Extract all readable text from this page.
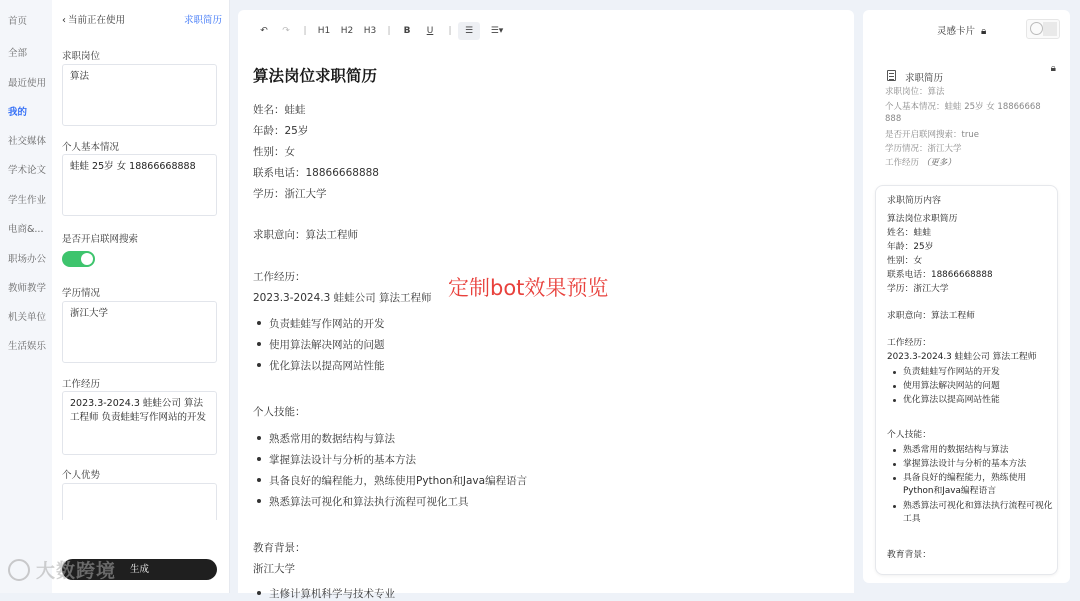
首页
全部
最近使用
我的
社交媒体
学术论文
学生作业
电商&...
职场办公
教师教学
机关单位
生活娱乐
‹ 当前正在使用	求职简历
求职岗位
算法
个人基本情况
蛙蛙 25岁 女 18866668888
是否开启联网搜索
学历情况
浙江大学
工作经历
2023.3-2024.3 蛙蛙公司 算法工程师 负责蛙蛙写作网站的开发
个人优势
生成
大数跨境
↶ ↷ | H1 H2 H3 | B	U	|	☰	☰▾
算法岗位求职简历
姓名：蛙蛙
年龄：25岁
性别：女
联系电话：18866668888
学历：浙江大学
求职意向：算法工程师
工作经历：
2023.3-2024.3 蛙蛙公司 算法工程师
负责蛙蛙写作网站的开发
使用算法解决网站的问题
优化算法以提高网站性能
个人技能：
熟悉常用的数据结构与算法
掌握算法设计与分析的基本方法
具备良好的编程能力，熟练使用Python和Java编程语言
熟悉算法可视化和算法执行流程可视化工具
教育背景：
浙江大学
主修计算机科学与技术专业
定制bot效果预览
灵感卡片 🔒︎
🔒︎
求职简历
求职岗位：算法
个人基本情况：蛙蛙 25岁 女 18866668
888
是否开启联网搜索：true
学历情况：浙江大学
工作经历 （更多）
求职简历内容
算法岗位求职简历
姓名：蛙蛙
年龄：25岁
性别：女
联系电话：18866668888
学历：浙江大学
求职意向：算法工程师
工作经历：
2023.3-2024.3 蛙蛙公司 算法工程师
负责蛙蛙写作网站的开发
使用算法解决网站的问题
优化算法以提高网站性能
个人技能：
熟悉常用的数据结构与算法
掌握算法设计与分析的基本方法
具备良好的编程能力，熟练使用Python和Java编程语言
熟悉算法可视化和算法执行流程可视化工具
教育背景：
